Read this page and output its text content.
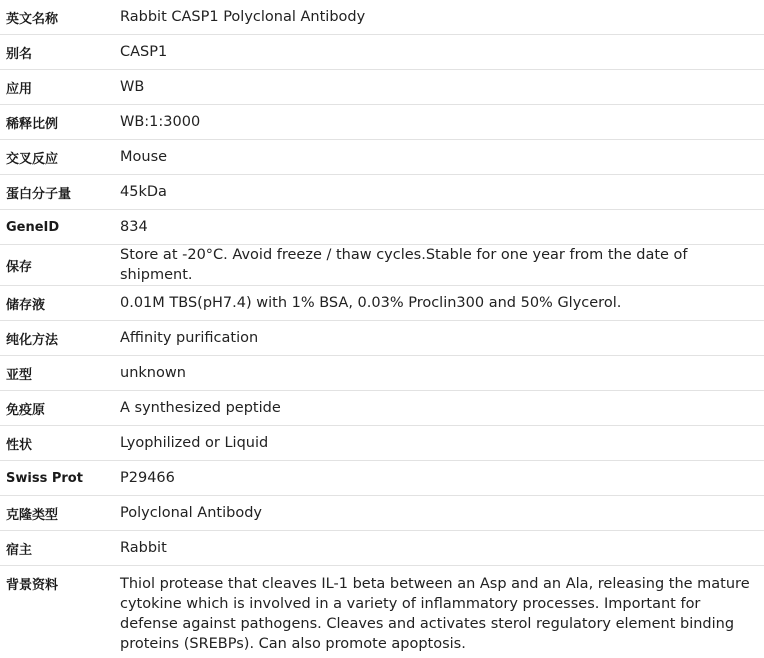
英文名称	Rabbit CASP1 Polyclonal Antibody
别名	CASP1
应用	WB
稀释比例	WB:1:3000
交叉反应	Mouse
蛋白分子量	45kDa
GeneID	834
保存	Store at -20°C. Avoid freeze / thaw cycles.Stable for one year from the date of shipment.
储存液	0.01M TBS(pH7.4) with 1% BSA, 0.03% Proclin300 and 50% Glycerol.
纯化方法	Affinity purification
亚型	unknown
免疫原	A synthesized peptide
性状	Lyophilized or Liquid
Swiss Prot	P29466
克隆类型	Polyclonal Antibody
宿主	Rabbit
背景资料	Thiol protease that cleaves IL-1 beta between an Asp and an Ala, releasing the mature cytokine which is involved in a variety of inflammatory processes. Important for defense against pathogens. Cleaves and activates sterol regulatory element binding proteins (SREBPs). Can also promote apoptosis.
